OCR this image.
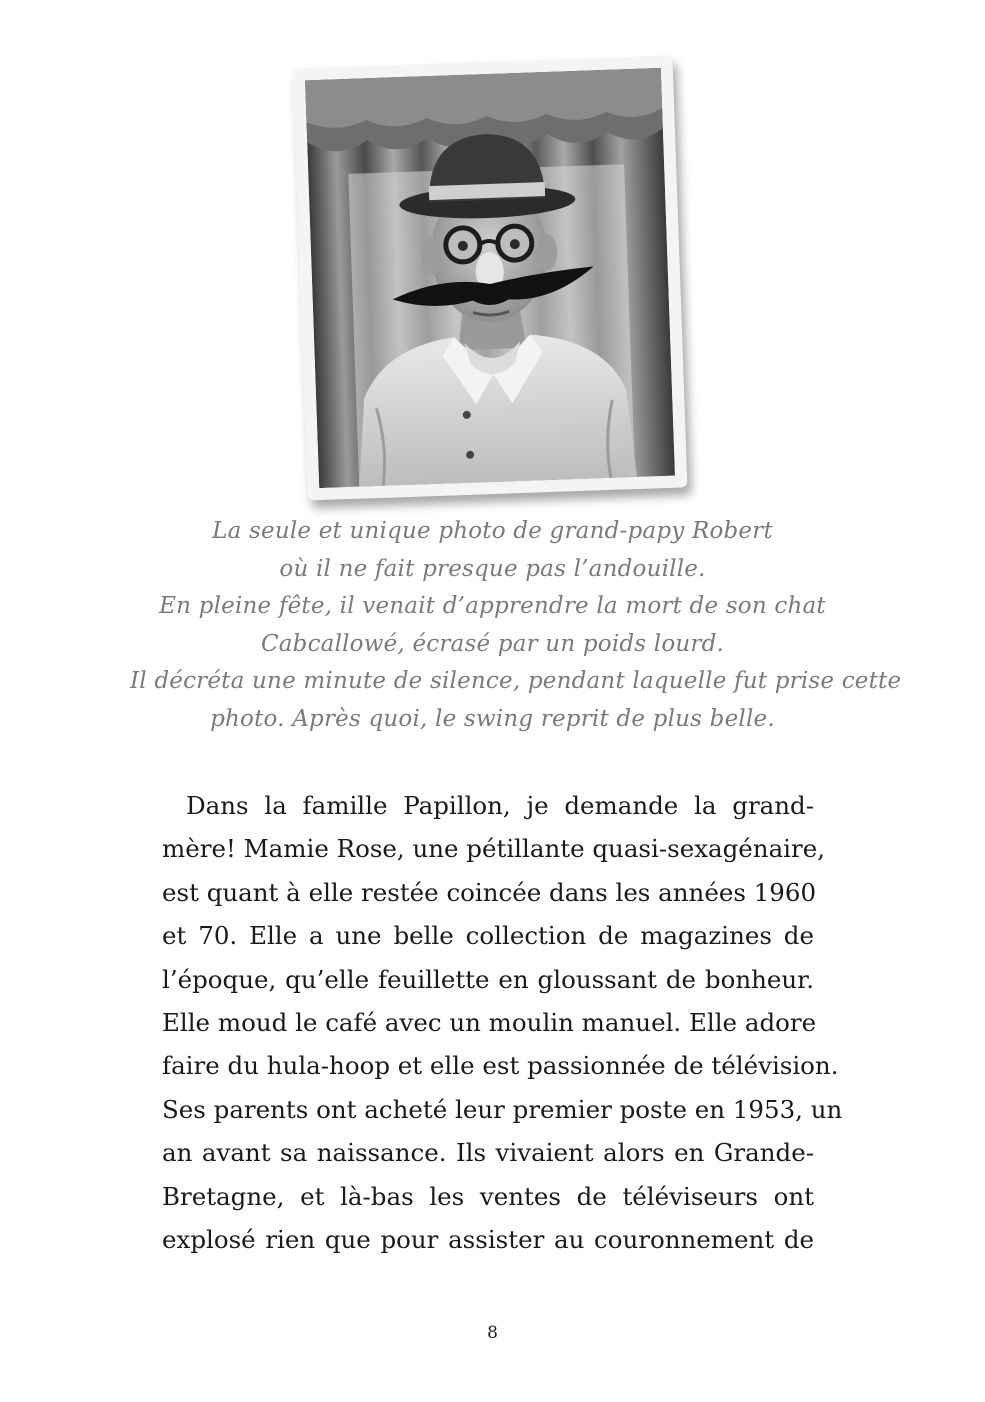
La seule et unique photo de grand-papy Robert
où il ne fait presque pas l’andouille.
En pleine fête, il venait d’apprendre la mort de son chat
Cabcallowé, écrasé par un poids lourd.
Il décréta une minute de silence, pendant laquelle fut prise cette
photo. Après quoi, le swing reprit de plus belle.
Dans la famille Papillon, je demande la grand-
mère! Mamie Rose, une pétillante quasi-sexagénaire,
est quant à elle restée coincée dans les années 1960
et 70. Elle a une belle collection de magazines de
l’époque, qu’elle feuillette en gloussant de bonheur.
Elle moud le café avec un moulin manuel. Elle adore
faire du hula-hoop et elle est passionnée de télévision.
Ses parents ont acheté leur premier poste en 1953, un
an avant sa naissance. Ils vivaient alors en Grande-
Bretagne, et là-bas les ventes de téléviseurs ont
explosé rien que pour assister au couronnement de
8
